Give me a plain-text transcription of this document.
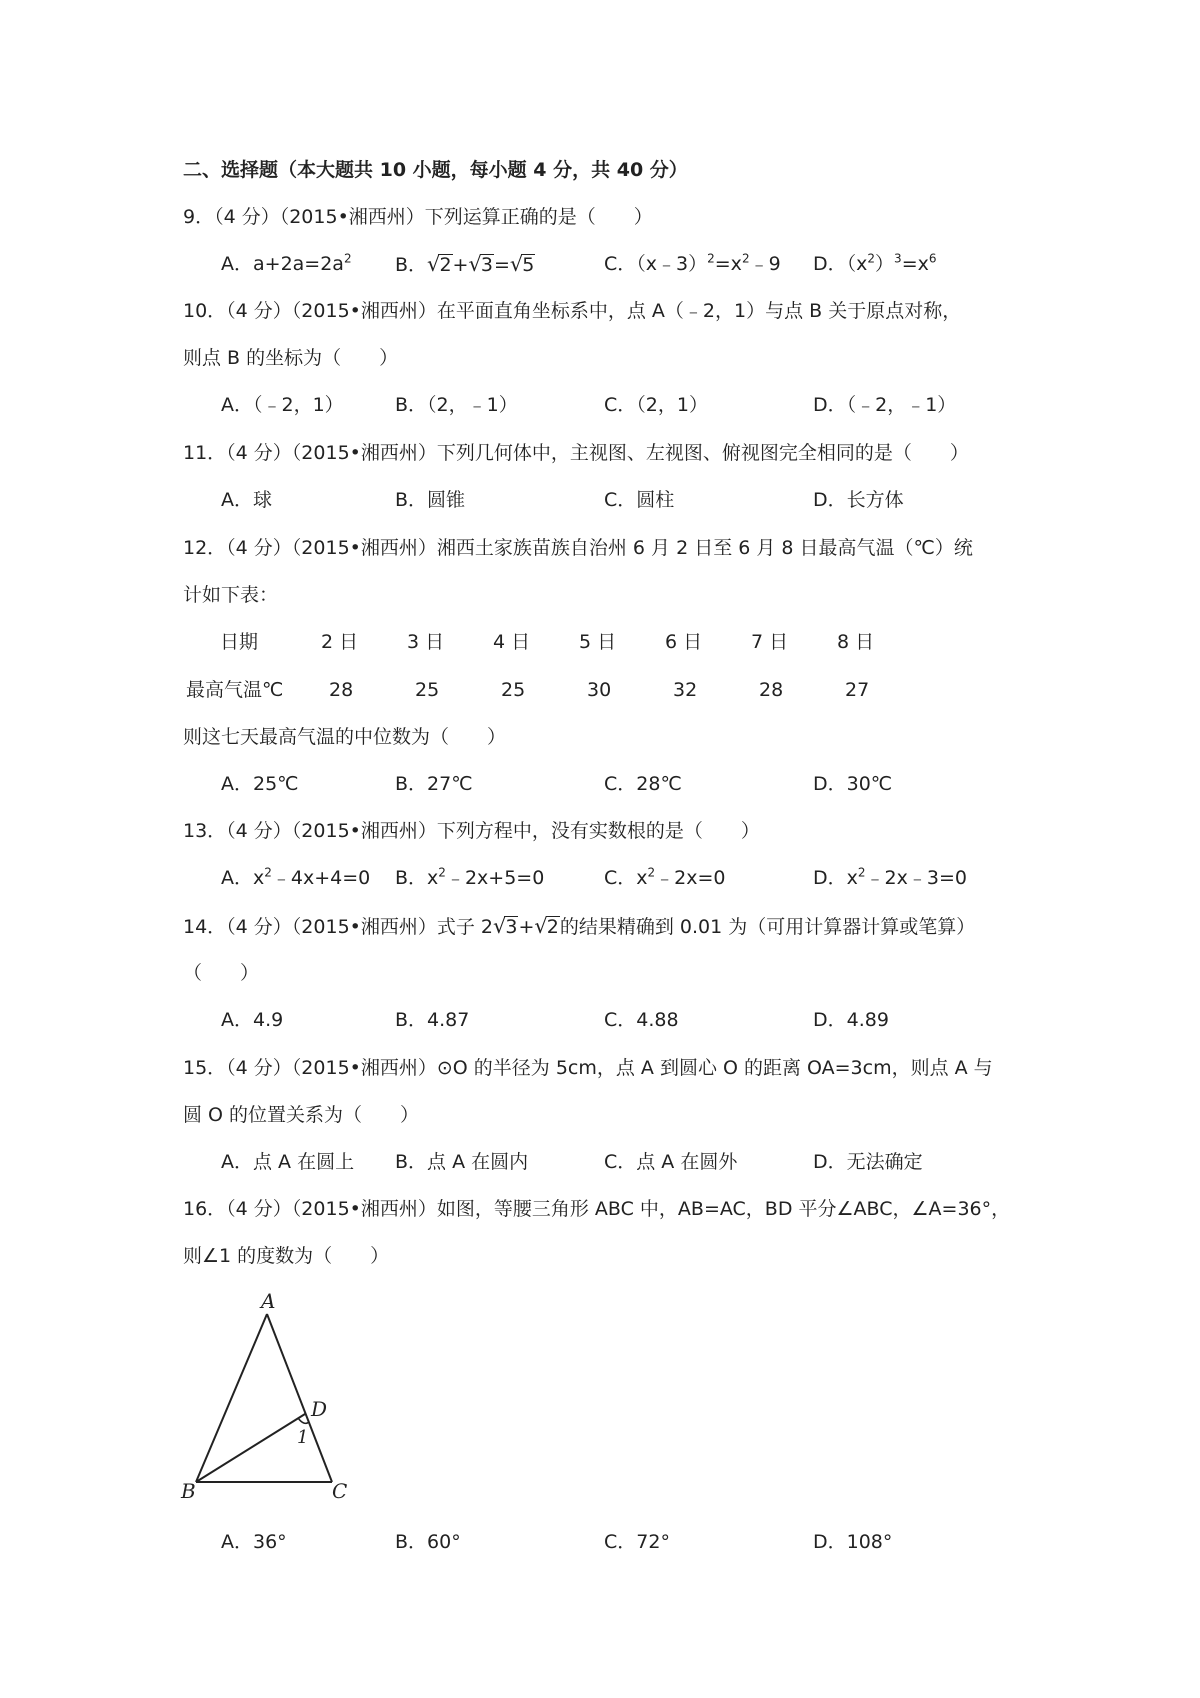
二、选择题（本大题共 10 小题，每小题 4 分，共 40 分）
9．（4 分）（2015•湘西州）下列运算正确的是（　　）
A．$a+2a=2a^2$ B．√2+√3=√5	C．$(x﹣3)^2=x^2﹣9$ D．$(x^2)^3=x^6$
10．（4 分）（2015•湘西州）在平面直角坐标系中，点 A（﹣2，1）与点 B 关于原点对称，
则点 B 的坐标为（　　）
A．（﹣2，1）	B．（2，﹣1）	C．（2，1）	D．（﹣2，﹣1）
11．（4 分）（2015•湘西州）下列几何体中，主视图、左视图、俯视图完全相同的是（　　）
A．球	B．圆锥	C．圆柱	D．长方体
12．（4 分）（2015•湘西州）湘西土家族苗族自治州 6 月 2 日至 6 月 8 日最高气温（℃）统
计如下表：
日期	2 日	3 日	4 日	5 日	6 日	7 日	8 日
最高气温℃ 28	25	25	30	32	28	27
则这七天最高气温的中位数为（　　）
A．25℃	B．27℃	C．28℃	D．30℃
13．（4 分）（2015•湘西州）下列方程中，没有实数根的是（　　）
A．$x^2﹣4x+4=0$ B．$x^2﹣2x+5=0$	C．$x^2﹣2x=0$	D．$x^2﹣2x﹣3=0$
14．（4 分）（2015•湘西州）式子 2√3+√2的结果精确到 0.01 为（可用计算器计算或笔算）
（　　）
A．4.9	B．4.87	C．4.88	D．4.89
15．（4 分）（2015•湘西州）⊙O 的半径为 5cm，点 A 到圆心 O 的距离 OA=3cm，则点 A 与
圆 O 的位置关系为（　　）
A．点 A 在圆上 B．点 A 在圆内	C．点 A 在圆外	D．无法确定
16．（4 分）（2015•湘西州）如图，等腰三角形 ABC 中，AB=AC，BD 平分∠ABC，∠A=36°，
则∠1 的度数为（　　）
A
B	C
D
1
A．36°	B．60°	C．72°	D．108°
